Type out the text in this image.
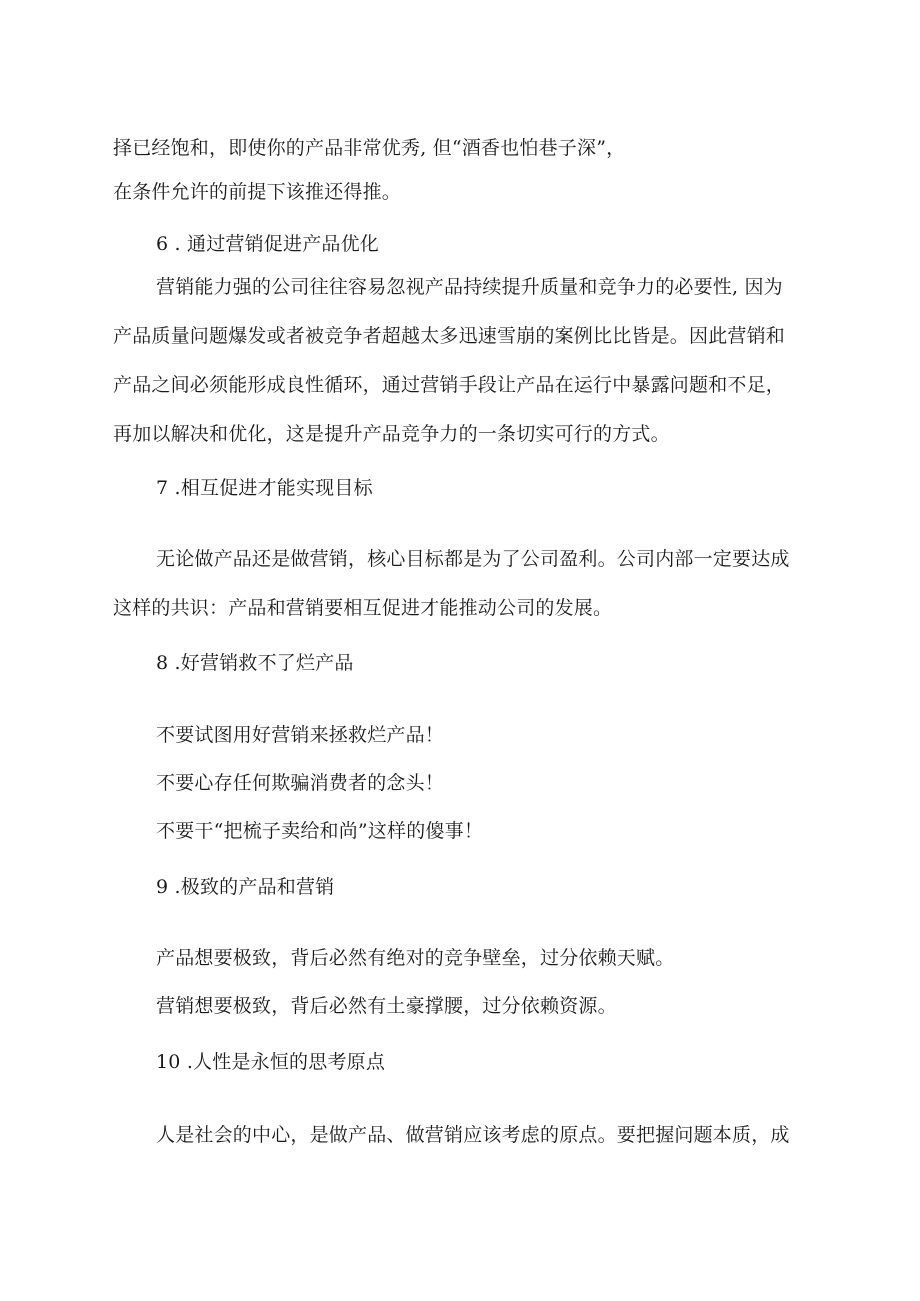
择已经饱和，即使你的产品非常优秀, 但“酒香也怕巷子深”，
在条件允许的前提下该推还得推。
6 . 通过营销促进产品优化
营销能力强的公司往往容易忽视产品持续提升质量和竞争力的必要性, 因为
产品质量问题爆发或者被竞争者超越太多迅速雪崩的案例比比皆是。因此营销和
产品之间必须能形成良性循环，通过营销手段让产品在运行中暴露问题和不足，
再加以解决和优化，这是提升产品竞争力的一条切实可行的方式。
7 .相互促进才能实现目标
无论做产品还是做营销，核心目标都是为了公司盈利。公司内部一定要达成
这样的共识：产品和营销要相互促进才能推动公司的发展。
8 .好营销救不了烂产品
不要试图用好营销来拯救烂产品！
不要心存任何欺骗消费者的念头！
不要干“把梳子卖给和尚”这样的傻事！
9 .极致的产品和营销
产品想要极致，背后必然有绝对的竞争壁垒，过分依赖天赋。
营销想要极致，背后必然有土豪撑腰，过分依赖资源。
10 .人性是永恒的思考原点
人是社会的中心，是做产品、做营销应该考虑的原点。要把握问题本质，成
